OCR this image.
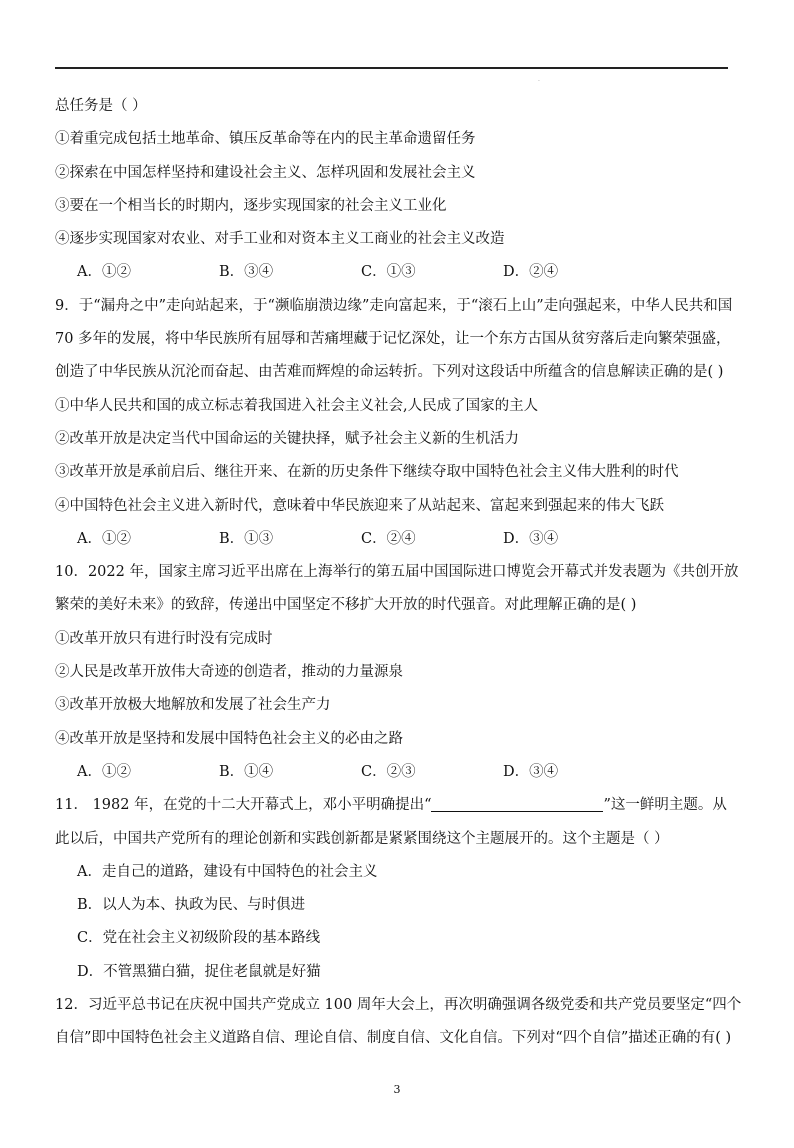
.
总任务是（ ）
①着重完成包括土地革命、镇压反革命等在内的民主革命遗留任务
②探索在中国怎样坚持和建设社会主义、怎样巩固和发展社会主义
③要在一个相当长的时期内，逐步实现国家的社会主义工业化
④逐步实现国家对农业、对手工业和对资本主义工商业的社会主义改造
A．①②	B．③④	C．①③	D．②④
9．于“漏舟之中”走向站起来，于“濒临崩溃边缘”走向富起来，于“滚石上山”走向强起来，中华人民共和国
70 多年的发展，将中华民族所有屈辱和苦痛埋藏于记忆深处，让一个东方古国从贫穷落后走向繁荣强盛，
创造了中华民族从沉沦而奋起、由苦难而辉煌的命运转折。下列对这段话中所蕴含的信息解读正确的是( )
①中华人民共和国的成立标志着我国进入社会主义社会,人民成了国家的主人
②改革开放是决定当代中国命运的关键抉择，赋予社会主义新的生机活力
③改革开放是承前启后、继往开来、在新的历史条件下继续夺取中国特色社会主义伟大胜利的时代
④中国特色社会主义进入新时代，意味着中华民族迎来了从站起来、富起来到强起来的伟大飞跃
A．①②	B．①③	C．②④	D．③④
10．2022 年，国家主席习近平出席在上海举行的第五届中国国际进口博览会开幕式并发表题为《共创开放
繁荣的美好未来》的致辞，传递出中国坚定不移扩大开放的时代强音。对此理解正确的是( )
①改革开放只有进行时没有完成时
②人民是改革开放伟大奇迹的创造者，推动的力量源泉
③改革开放极大地解放和发展了社会生产力
④改革开放是坚持和发展中国特色社会主义的必由之路
A．①②	B．①④	C．②③	D．③④
11． 1982 年，在党的十二大开幕式上，邓小平明确提出“	”这一鲜明主题。从
此以后，中国共产党所有的理论创新和实践创新都是紧紧围绕这个主题展开的。这个主题是（ ）
A．走自己的道路，建设有中国特色的社会主义
B．以人为本、执政为民、与时俱进
C．党在社会主义初级阶段的基本路线
D．不管黑猫白猫，捉住老鼠就是好猫
12．习近平总书记在庆祝中国共产党成立 100 周年大会上，再次明确强调各级党委和共产党员要坚定“四个
自信”即中国特色社会主义道路自信、理论自信、制度自信、文化自信。下列对“四个自信”描述正确的有( )
3
